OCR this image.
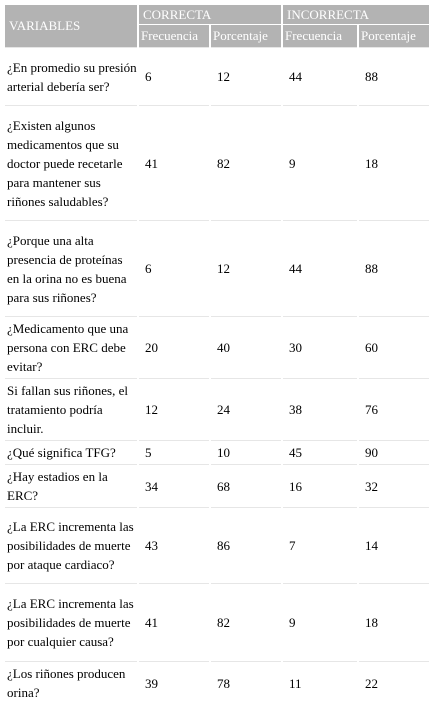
VARIABLES	CORRECTA		INCORRECTA	
	Frecuencia	Porcentaje	Frecuencia	Porcentaje
¿En promedio su presión arterial debería ser?	6	12	44	88
¿Existen algunos medicamentos que su doctor puede recetarle para mantener sus riñones saludables?	41	82	9	18
¿Porque una alta presencia de proteínas en la orina no es buena para sus riñones?	6	12	44	88
¿Medicamento que una persona con ERC debe evitar?	20	40	30	60
Si fallan sus riñones, el tratamiento podría incluir.	12	24	38	76
¿Qué significa TFG?	5	10	45	90
¿Hay estadios en la ERC?	34	68	16	32
¿La ERC incrementa las posibilidades de muerte por ataque cardiaco?	43	86	7	14
¿La ERC incrementa las posibilidades de muerte por cualquier causa?	41	82	9	18
¿Los riñones producen orina?	39	78	11	22
